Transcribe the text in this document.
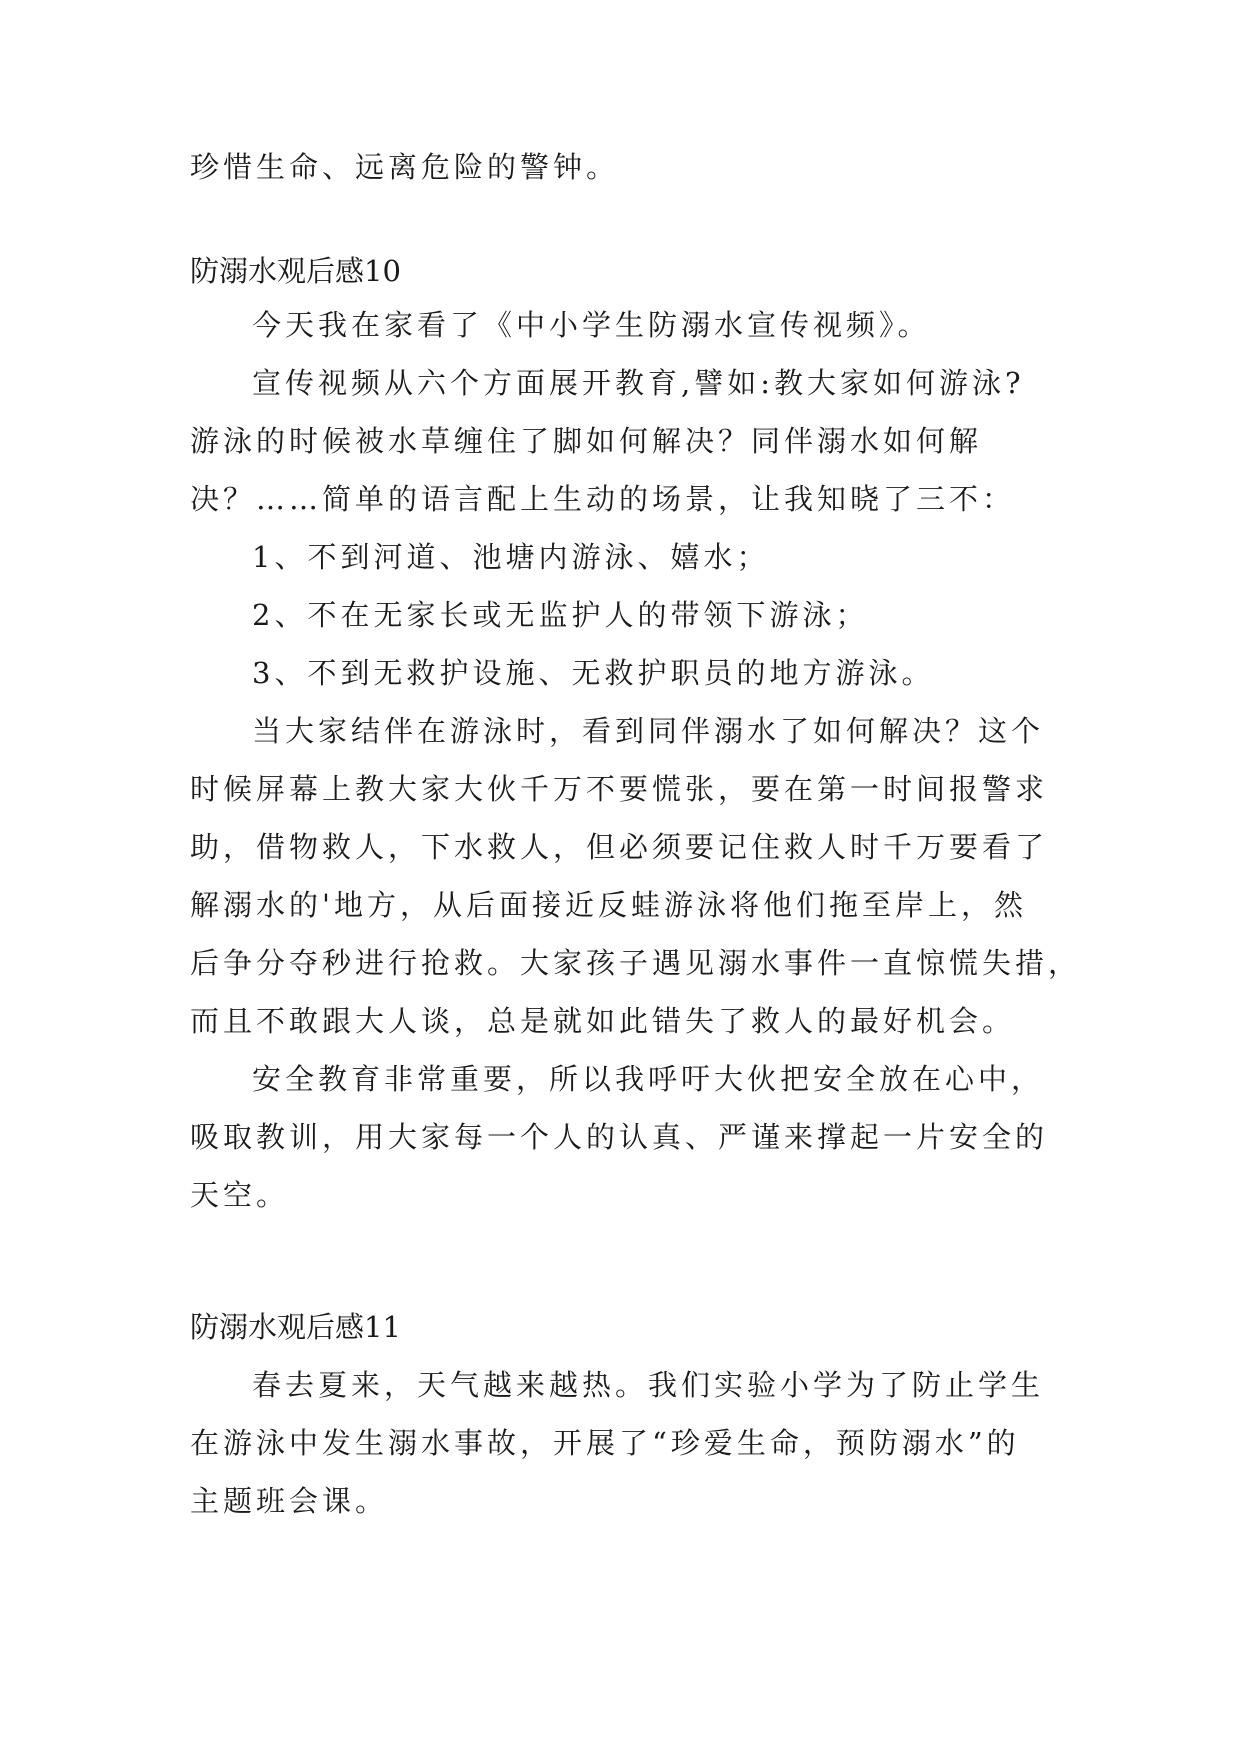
珍惜生命、远离危险的警钟。
防溺水观后感10
今天我在家看了《中小学生防溺水宣传视频》。
宣传视频从六个方面展开教育,譬如:教大家如何游泳?
游泳的时候被水草缠住了脚如何解决？同伴溺水如何解
决？……简单的语言配上生动的场景，让我知晓了三不：
1、不到河道、池塘内游泳、嬉水；
2、不在无家长或无监护人的带领下游泳；
3、不到无救护设施、无救护职员的地方游泳。
当大家结伴在游泳时，看到同伴溺水了如何解决？这个
时候屏幕上教大家大伙千万不要慌张，要在第一时间报警求
助，借物救人，下水救人，但必须要记住救人时千万要看了
解溺水的'地方，从后面接近反蛙游泳将他们拖至岸上，然
后争分夺秒进行抢救。大家孩子遇见溺水事件一直惊慌失措，
而且不敢跟大人谈，总是就如此错失了救人的最好机会。
安全教育非常重要，所以我呼吁大伙把安全放在心中，
吸取教训，用大家每一个人的认真、严谨来撑起一片安全的
天空。
防溺水观后感11
春去夏来，天气越来越热。我们实验小学为了防止学生
在游泳中发生溺水事故，开展了“珍爱生命，预防溺水”的
主题班会课。
